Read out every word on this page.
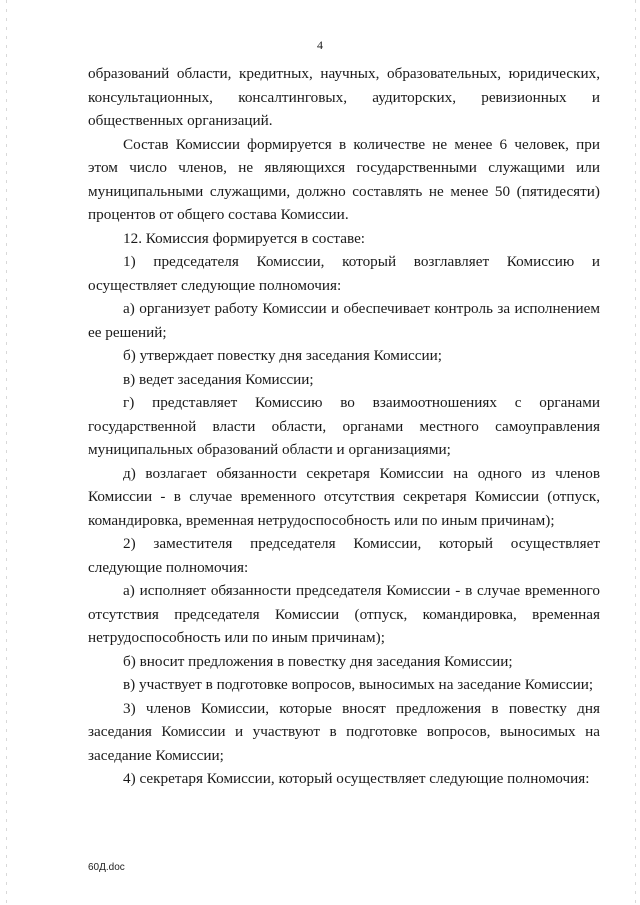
4

образований области, кредитных, научных, образовательных, юридических, консультационных, консалтинговых, аудиторских, ревизионных и общественных организаций.

Состав Комиссии формируется в количестве не менее 6 человек, при этом число членов, не являющихся государственными служащими или муниципальными служащими, должно составлять не менее 50 (пятидесяти) процентов от общего состава Комиссии.

12. Комиссия формируется в составе:

1) председателя Комиссии, который возглавляет Комиссию и осуществляет следующие полномочия:

а) организует работу Комиссии и обеспечивает контроль за исполнением ее решений;

б) утверждает повестку дня заседания Комиссии;

в) ведет заседания Комиссии;

г) представляет Комиссию во взаимоотношениях с органами государственной власти области, органами местного самоуправления муниципальных образований области и организациями;

д) возлагает обязанности секретаря Комиссии на одного из членов Комиссии - в случае временного отсутствия секретаря Комиссии (отпуск, командировка, временная нетрудоспособность или по иным причинам);

2) заместителя председателя Комиссии, который осуществляет следующие полномочия:

а) исполняет обязанности председателя Комиссии - в случае временного отсутствия председателя Комиссии (отпуск, командировка, временная нетрудоспособность или по иным причинам);

б) вносит предложения в повестку дня заседания Комиссии;

в) участвует в подготовке вопросов, выносимых на заседание Комиссии;

3) членов Комиссии, которые вносят предложения в повестку дня заседания Комиссии и участвуют в подготовке вопросов, выносимых на заседание Комиссии;

4) секретаря Комиссии, который осуществляет следующие полномочия:

60Д.doc
